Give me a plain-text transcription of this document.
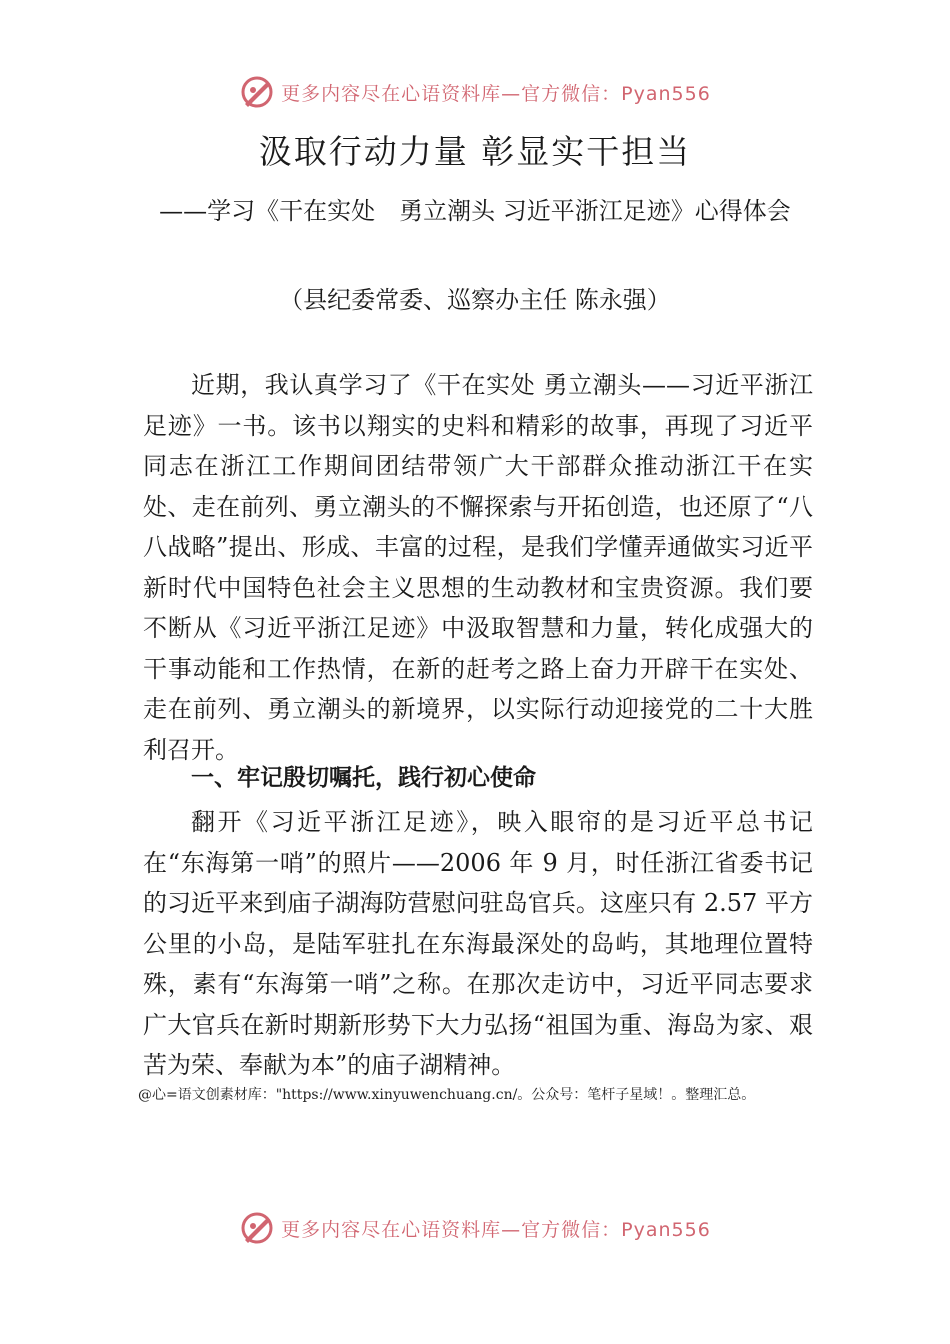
更多内容尽在心语资料库—官方微信：Pyan556
汲取行动力量 彰显实干担当
——学习《干在实处　勇立潮头 习近平浙江足迹》心得体会
（县纪委常委、巡察办主任 陈永强）

近期，我认真学习了《干在实处 勇立潮头——习近平浙江足迹》一书。该书以翔实的史料和精彩的故事，再现了习近平同志在浙江工作期间团结带领广大干部群众推动浙江干在实处、走在前列、勇立潮头的不懈探索与开拓创造，也还原了“八八战略”提出、形成、丰富的过程，是我们学懂弄通做实习近平新时代中国特色社会主义思想的生动教材和宝贵资源。我们要不断从《习近平浙江足迹》中汲取智慧和力量，转化成强大的干事动能和工作热情，在新的赶考之路上奋力开辟干在实处、走在前列、勇立潮头的新境界，以实际行动迎接党的二十大胜利召开。

一、牢记殷切嘱托，践行初心使命

翻开《习近平浙江足迹》，映入眼帘的是习近平总书记在“东海第一哨”的照片——2006 年 9 月，时任浙江省委书记的习近平来到庙子湖海防营慰问驻岛官兵。这座只有 2.57 平方公里的小岛，是陆军驻扎在东海最深处的岛屿，其地理位置特殊，素有“东海第一哨”之称。在那次走访中，习近平同志要求广大官兵在新时期新形势下大力弘扬“祖国为重、海岛为家、艰苦为荣、奉献为本”的庙子湖精神。

@心=语文创素材库："https://www.xinyuwenchuang.cn/。公众号：笔杆子星域！。整理汇总。
更多内容尽在心语资料库—官方微信：Pyan556
